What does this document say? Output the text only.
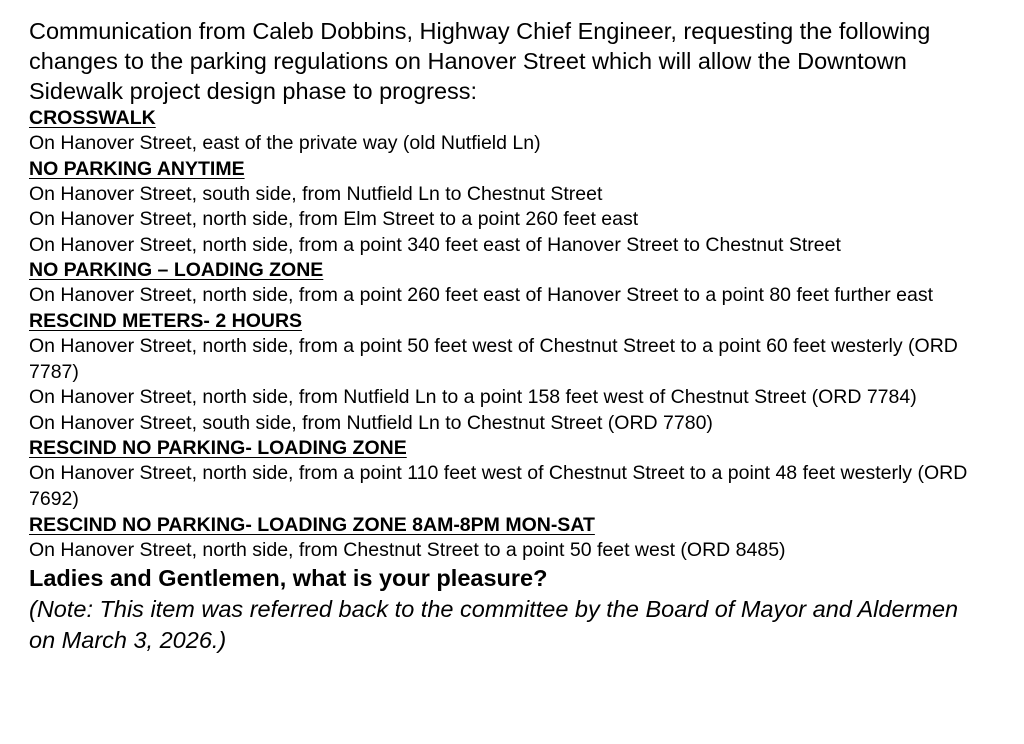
Communication from Caleb Dobbins, Highway Chief Engineer, requesting the following changes to the parking regulations on Hanover Street which will allow the Downtown Sidewalk project design phase to progress:

CROSSWALK

On Hanover Street, east of the private way (old Nutfield Ln)

NO PARKING ANYTIME

On Hanover Street, south side, from Nutfield Ln to Chestnut Street

On Hanover Street, north side, from Elm Street to a point 260 feet east

On Hanover Street, north side, from a point 340 feet east of Hanover Street to Chestnut Street

NO PARKING – LOADING ZONE

On Hanover Street, north side, from a point 260 feet east of Hanover Street to a point 80 feet further east

RESCIND METERS- 2 HOURS

On Hanover Street, north side, from a point 50 feet west of Chestnut Street to a point 60 feet westerly (ORD 7787)

On Hanover Street, north side, from Nutfield Ln to a point 158 feet west of Chestnut Street (ORD 7784)

On Hanover Street, south side, from Nutfield Ln to Chestnut Street (ORD 7780)

RESCIND NO PARKING- LOADING ZONE

On Hanover Street, north side, from a point 110 feet west of Chestnut Street to a point 48 feet westerly (ORD 7692)

RESCIND NO PARKING- LOADING ZONE 8AM-8PM MON-SAT

On Hanover Street, north side, from Chestnut Street to a point 50 feet west (ORD 8485)

Ladies and Gentlemen, what is your pleasure?

(Note: This item was referred back to the committee by the Board of Mayor and Aldermen on March 3, 2026.)
